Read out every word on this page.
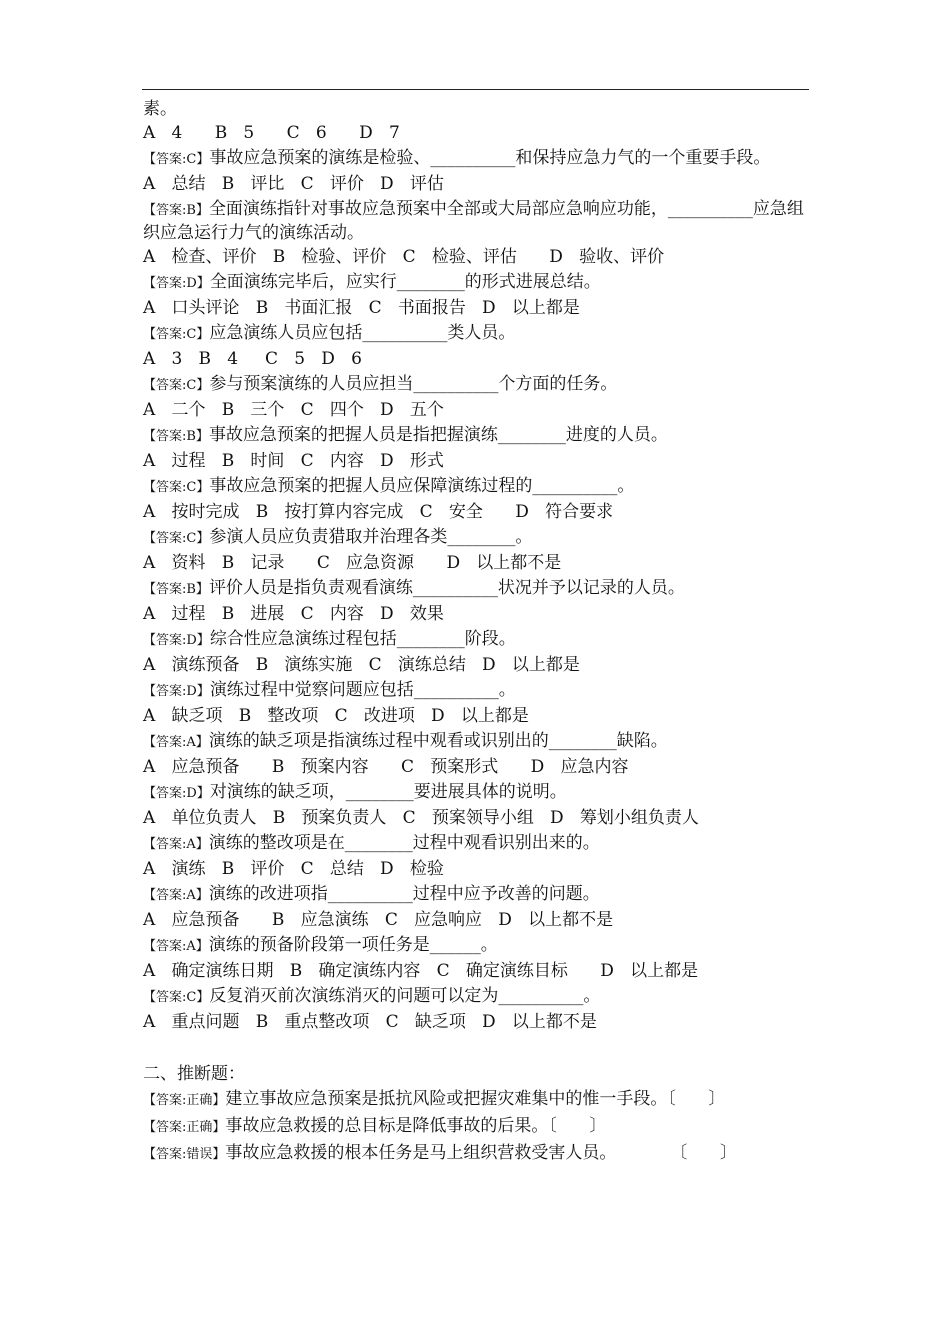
素。

A   4      B   5      C   6      D   7

【答案:C】事故应急预案的演练是检验、__________和保持应急力气的一个重要手段。

A   总结   B   评比   C   评价   D   评估

【答案:B】全面演练指针对事故应急预案中全部或大局部应急响应功能，__________应急组织应急运行力气的演练活动。

A   检查、评价   B   检验、评价   C   检验、评估      D   验收、评价

【答案:D】全面演练完毕后，应实行________的形式进展总结。

A   口头评论   B   书面汇报   C   书面报告   D   以上都是

【答案:C】应急演练人员应包括__________类人员。

A   3   B   4     C   5   D   6

【答案:C】参与预案演练的人员应担当__________个方面的任务。

A   二个   B   三个   C   四个   D   五个

【答案:B】事故应急预案的把握人员是指把握演练________进度的人员。

A   过程   B   时间   C   内容   D   形式

【答案:C】事故应急预案的把握人员应保障演练过程的__________。

A   按时完成   B   按打算内容完成   C   安全      D   符合要求

【答案:C】参演人员应负责猎取并治理各类________。

A   资料   B   记录      C   应急资源      D   以上都不是

【答案:B】评价人员是指负责观看演练__________状况并予以记录的人员。

A   过程   B   进展   C   内容   D   效果

【答案:D】综合性应急演练过程包括________阶段。

A   演练预备   B   演练实施   C   演练总结   D   以上都是

【答案:D】演练过程中觉察问题应包括__________。

A   缺乏项   B   整改项   C   改进项   D   以上都是

【答案:A】演练的缺乏项是指演练过程中观看或识别出的________缺陷。

A   应急预备      B   预案内容      C   预案形式      D   应急内容

【答案:D】对演练的缺乏项，________要进展具体的说明。

A   单位负责人   B   预案负责人   C   预案领导小组   D   筹划小组负责人

【答案:A】演练的整改项是在________过程中观看识别出来的。

A   演练   B   评价   C   总结   D   检验

【答案:A】演练的改进项指__________过程中应予改善的问题。

A   应急预备      B   应急演练   C   应急响应   D   以上都不是

【答案:A】演练的预备阶段第一项任务是______。

A   确定演练日期   B   确定演练内容   C   确定演练目标      D   以上都是

【答案:C】反复消灭前次演练消灭的问题可以定为__________。

A   重点问题   B   重点整改项   C   缺乏项   D   以上都不是

二、推断题：

【答案:正确】建立事故应急预案是抵抗风险或把握灾难集中的惟一手段。〔      〕

【答案:正确】事故应急救援的总目标是降低事故的后果。〔      〕

【答案:错误】事故应急救援的根本任务是马上组织营救受害人员。          〔      〕
